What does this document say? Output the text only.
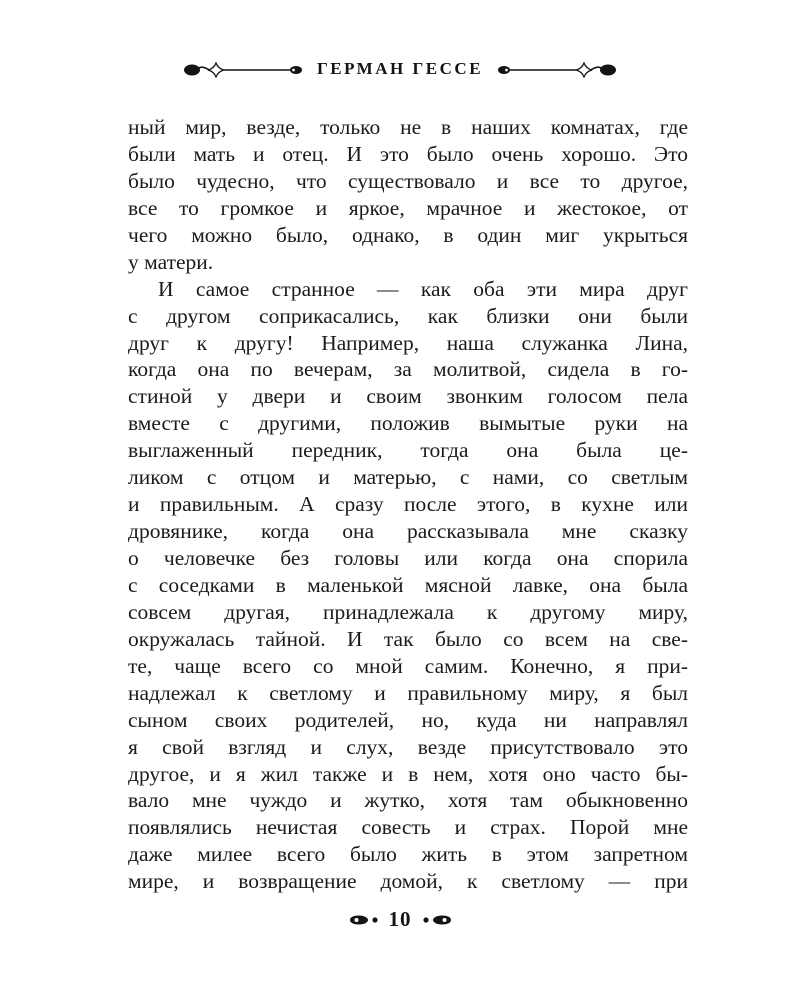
ГЕРМАН ГЕССЕ
ный мир, везде, только не в наших комнатах, где
были мать и отец. И это было очень хорошо. Это
было чудесно, что существовало и все то другое,
все то громкое и яркое, мрачное и жестокое, от
чего можно было, однако, в один миг укрыться
у матери.
И самое странное — как оба эти мира друг
с другом соприкасались, как близки они были
друг к другу! Например, наша служанка Лина,
когда она по вечерам, за молитвой, сидела в го-
стиной у двери и своим звонким голосом пела
вместе с другими, положив вымытые руки на
выглаженный передник, тогда она была це-
ликом с отцом и матерью, с нами, со светлым
и правильным. А сразу после этого, в кухне или
дровянике, когда она рассказывала мне сказку
о человечке без головы или когда она спорила
с соседками в маленькой мясной лавке, она была
совсем другая, принадлежала к другому миру,
окружалась тайной. И так было со всем на све-
те, чаще всего со мной самим. Конечно, я при-
надлежал к светлому и правильному миру, я был
сыном своих родителей, но, куда ни направлял
я свой взгляд и слух, везде присутствовало это
другое, и я жил также и в нем, хотя оно часто бы-
вало мне чуждо и жутко, хотя там обыкновенно
появлялись нечистая совесть и страх. Порой мне
даже милее всего было жить в этом запретном
мире, и возвращение домой, к светлому — при
10
